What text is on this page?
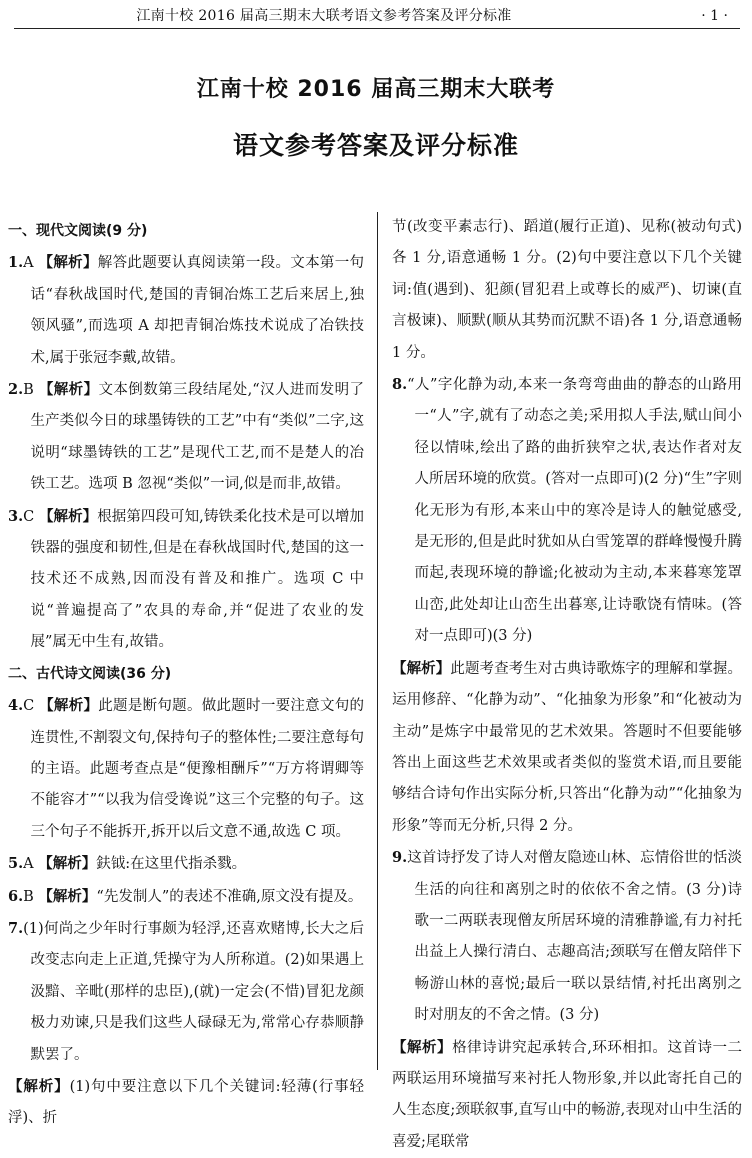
江南十校 2016 届高三期末大联考语文参考答案及评分标准	· 1 ·
江南十校 2016 届高三期末大联考
语文参考答案及评分标准

一、现代文阅读(9 分)

1.A 【解析】解答此题要认真阅读第一段。文本第一句话“春秋战国时代,楚国的青铜冶炼工艺后来居上,独领风骚”,而选项 A 却把青铜冶炼技术说成了冶铁技术,属于张冠李戴,故错。

2.B 【解析】文本倒数第三段结尾处,“汉人进而发明了生产类似今日的球墨铸铁的工艺”中有“类似”二字,这说明“球墨铸铁的工艺”是现代工艺,而不是楚人的冶铁工艺。选项 B 忽视“类似”一词,似是而非,故错。

3.C 【解析】根据第四段可知,铸铁柔化技术是可以增加铁器的强度和韧性,但是在春秋战国时代,楚国的这一技术还不成熟,因而没有普及和推广。选项 C 中说“普遍提高了”农具的寿命,并“促进了农业的发展”属无中生有,故错。

二、古代诗文阅读(36 分)

4.C 【解析】此题是断句题。做此题时一要注意文句的连贯性,不割裂文句,保持句子的整体性;二要注意每句的主语。此题考查点是“便豫相酬斥”“万方将谓卿等不能容才”“以我为信受谗说”这三个完整的句子。这三个句子不能拆开,拆开以后文意不通,故选 C 项。

5.A 【解析】鈇钺:在这里代指杀戮。

6.B 【解析】“先发制人”的表述不准确,原文没有提及。

7.(1)何尚之少年时行事颇为轻浮,还喜欢赌博,长大之后改变志向走上正道,凭操守为人所称道。(2)如果遇上汲黯、辛毗(那样的忠臣),(就)一定会(不惜)冒犯龙颜极力劝谏,只是我们这些人碌碌无为,常常心存恭顺静默罢了。

【解析】(1)句中要注意以下几个关键词:轻薄(行事轻浮)、折

节(改变平素志行)、蹈道(履行正道)、见称(被动句式)各 1 分,语意通畅 1 分。(2)句中要注意以下几个关键词:值(遇到)、犯颜(冒犯君上或尊长的威严)、切谏(直言极谏)、顺默(顺从其势而沉默不语)各 1 分,语意通畅 1 分。

8.“人”字化静为动,本来一条弯弯曲曲的静态的山路用一“人”字,就有了动态之美;采用拟人手法,赋山间小径以情味,绘出了路的曲折狭窄之状,表达作者对友人所居环境的欣赏。(答对一点即可)(2 分)“生”字则化无形为有形,本来山中的寒冷是诗人的触觉感受,是无形的,但是此时犹如从白雪笼罩的群峰慢慢升腾而起,表现环境的静谧;化被动为主动,本来暮寒笼罩山峦,此处却让山峦生出暮寒,让诗歌饶有情味。(答对一点即可)(3 分)

【解析】此题考查考生对古典诗歌炼字的理解和掌握。运用修辞、“化静为动”、“化抽象为形象”和“化被动为主动”是炼字中最常见的艺术效果。答题时不但要能够答出上面这些艺术效果或者类似的鉴赏术语,而且要能够结合诗句作出实际分析,只答出“化静为动”“化抽象为形象”等而无分析,只得 2 分。

9.这首诗抒发了诗人对僧友隐迹山林、忘情俗世的恬淡生活的向往和离别之时的依依不舍之情。(3 分)诗歌一二两联表现僧友所居环境的清雅静谧,有力衬托出益上人操行清白、志趣高洁;颈联写在僧友陪伴下畅游山林的喜悦;最后一联以景结情,衬托出离别之时对朋友的不舍之情。(3 分)

【解析】格律诗讲究起承转合,环环相扣。这首诗一二两联运用环境描写来衬托人物形象,并以此寄托自己的人生态度;颈联叙事,直写山中的畅游,表现对山中生活的喜爱;尾联常
